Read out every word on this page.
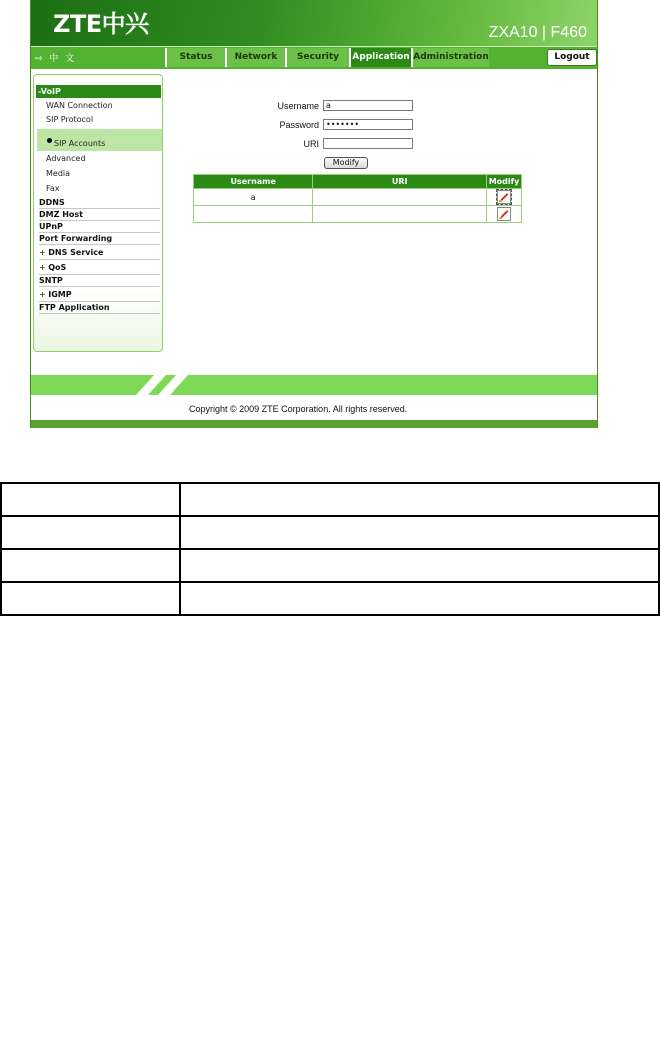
ZTE中兴	ZXA10 | F460
⇨ 中 文	Status	Network	Security	Application Administration	Logout
-VoIP
WAN Connection
SIP Protocol
SIP Accounts
Advanced
Media
Fax
DDNS
DMZ Host
UPnP
Port Forwarding
+ DNS Service
+ QoS
SNTP
+ IGMP
FTP Application
Username a
Password •••••••
URI
Modify
Username	URI	Modify
a		

Copyright © 2009 ZTE Corporation. All rights reserved.
